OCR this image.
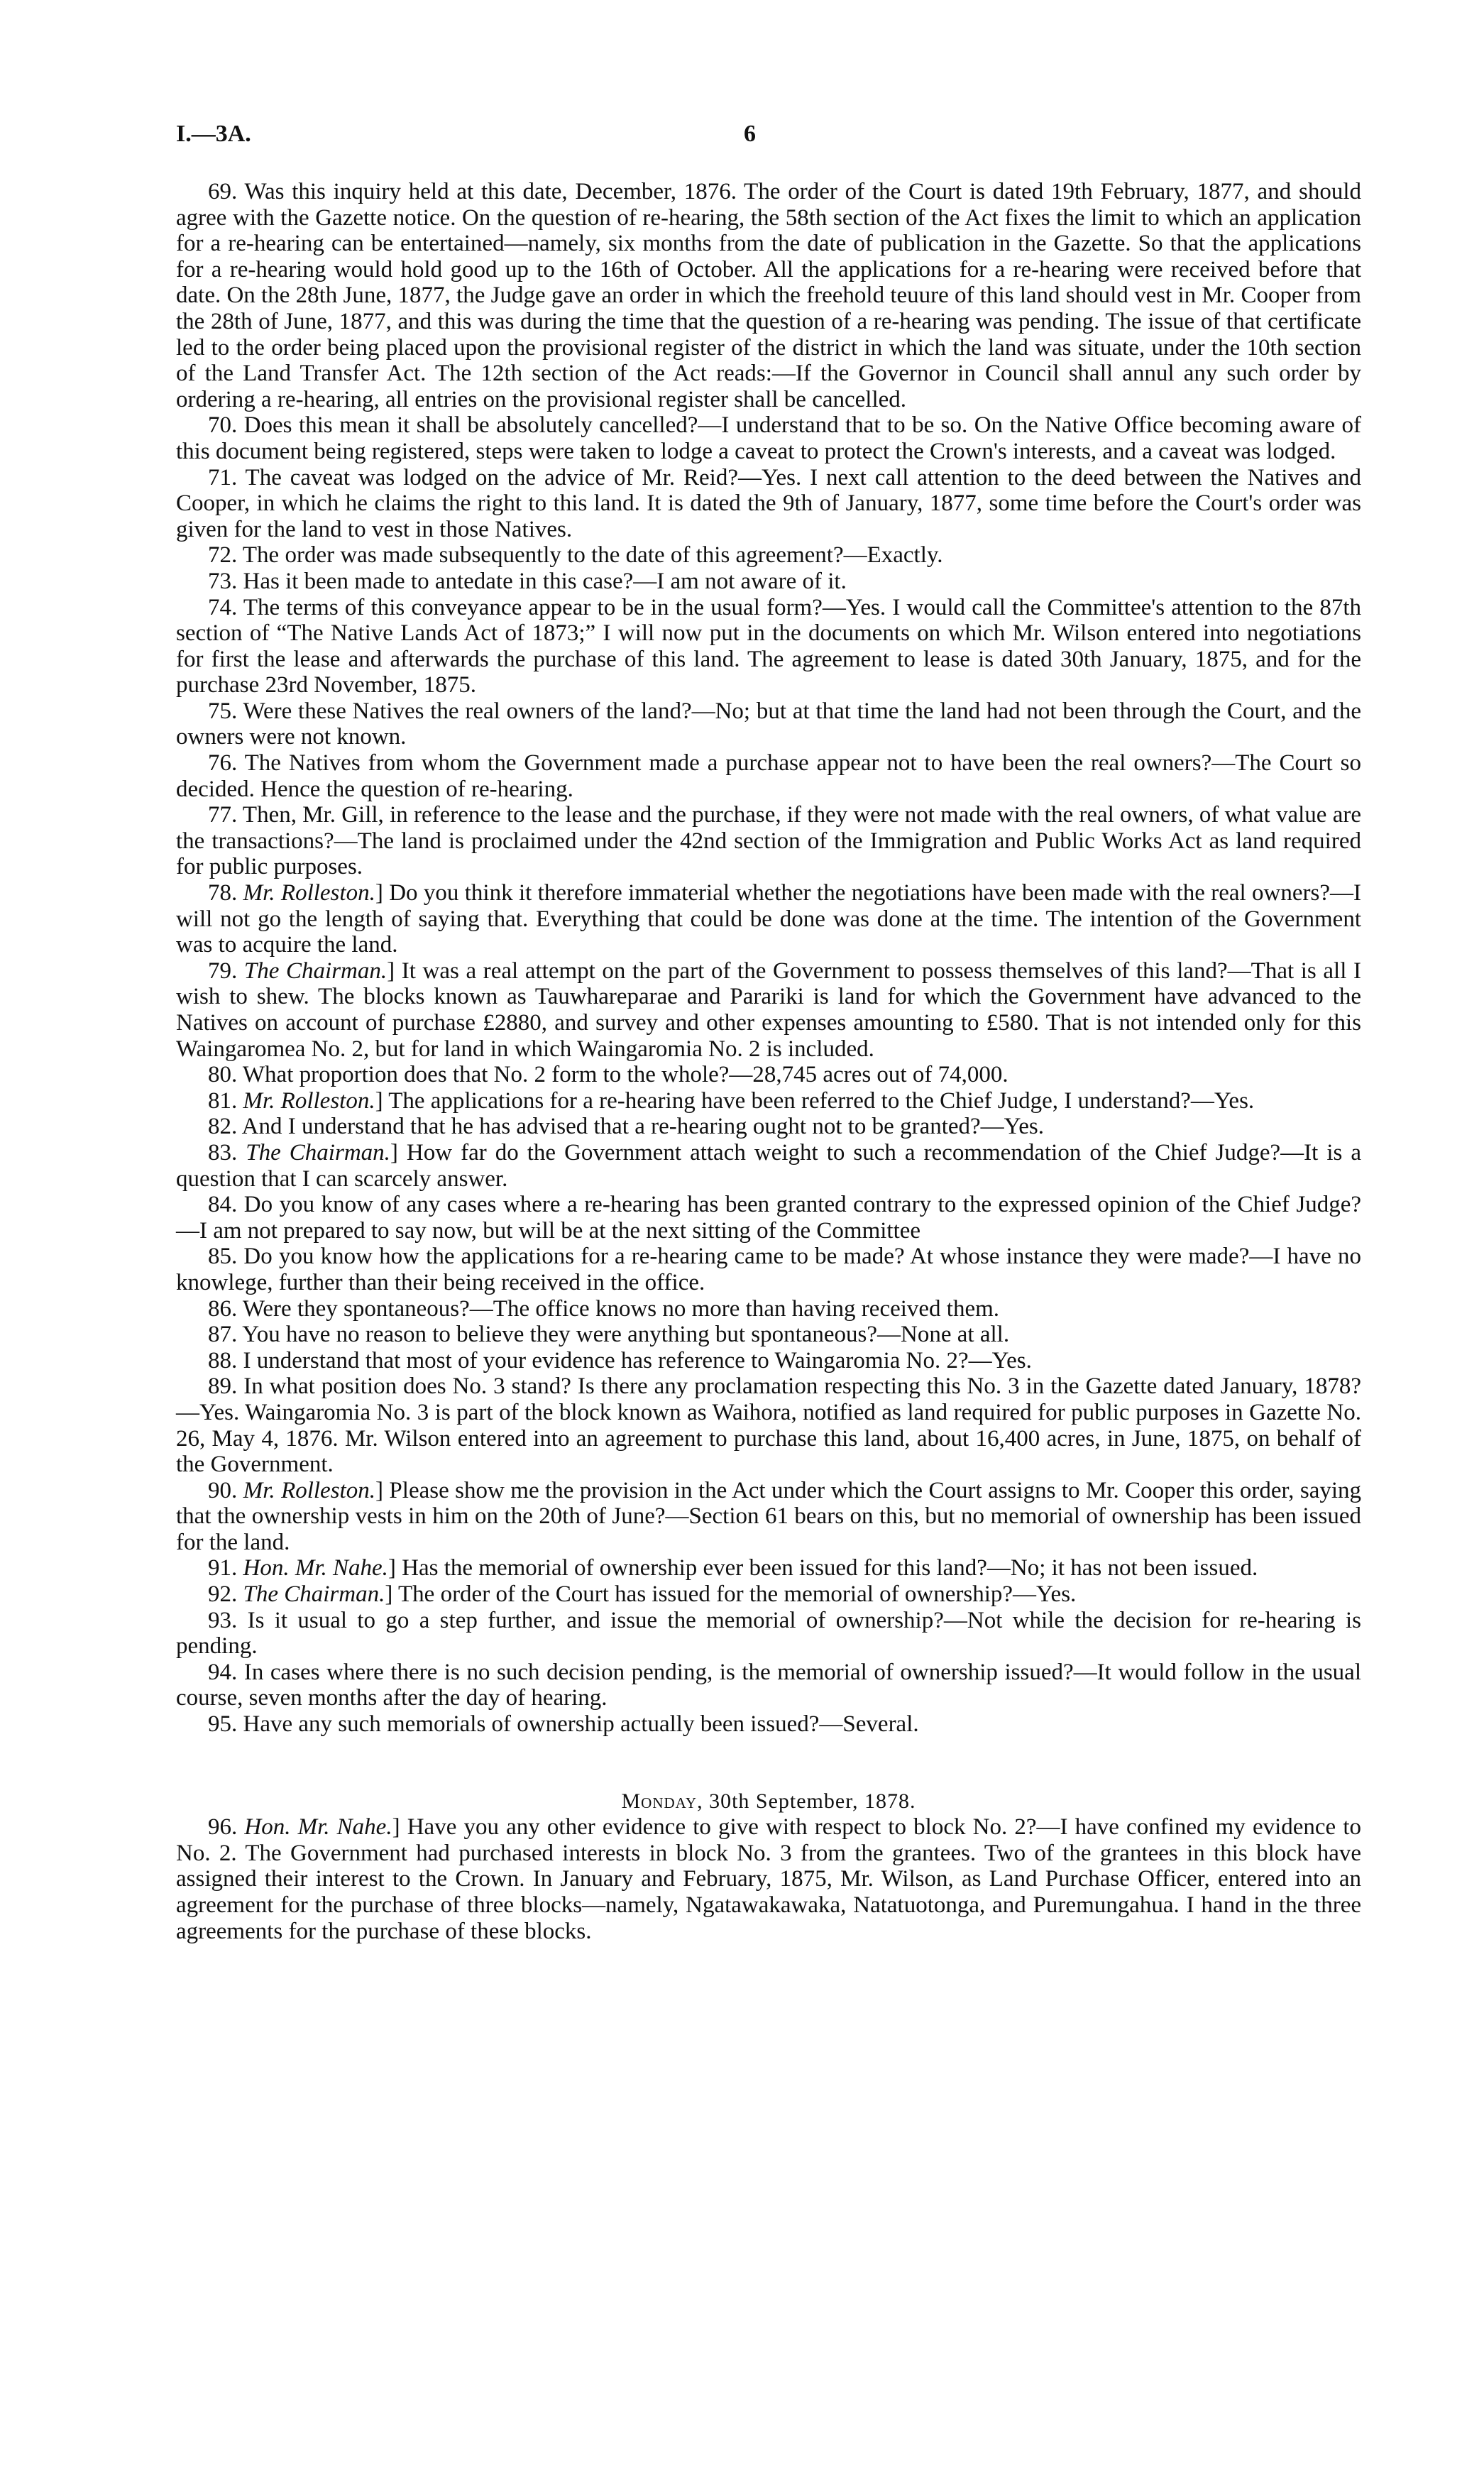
I.—3A.	6

69. Was this inquiry held at this date, December, 1876. The order of the Court is dated 19th February, 1877, and should agree with the Gazette notice. On the question of re-hearing, the 58th section of the Act fixes the limit to which an application for a re-hearing can be entertained—namely, six months from the date of publication in the Gazette. So that the applications for a re-hearing would hold good up to the 16th of October. All the applications for a re-hearing were received before that date. On the 28th June, 1877, the Judge gave an order in which the freehold teuure of this land should vest in Mr. Cooper from the 28th of June, 1877, and this was during the time that the question of a re-hearing was pending. The issue of that certificate led to the order being placed upon the provisional register of the district in which the land was situate, under the 10th section of the Land Transfer Act. The 12th section of the Act reads:—If the Governor in Council shall annul any such order by ordering a re-hearing, all entries on the provisional register shall be cancelled.

70. Does this mean it shall be absolutely cancelled?—I understand that to be so. On the Native Office becoming aware of this document being registered, steps were taken to lodge a caveat to protect the Crown's interests, and a caveat was lodged.

71. The caveat was lodged on the advice of Mr. Reid?—Yes. I next call attention to the deed between the Natives and Cooper, in which he claims the right to this land. It is dated the 9th of January, 1877, some time before the Court's order was given for the land to vest in those Natives.

72. The order was made subsequently to the date of this agreement?—Exactly.

73. Has it been made to antedate in this case?—I am not aware of it.

74. The terms of this conveyance appear to be in the usual form?—Yes. I would call the Committee's attention to the 87th section of “The Native Lands Act of 1873;” I will now put in the documents on which Mr. Wilson entered into negotiations for first the lease and afterwards the purchase of this land. The agreement to lease is dated 30th January, 1875, and for the purchase 23rd November, 1875.

75. Were these Natives the real owners of the land?—No; but at that time the land had not been through the Court, and the owners were not known.

76. The Natives from whom the Government made a purchase appear not to have been the real owners?—The Court so decided. Hence the question of re-hearing.

77. Then, Mr. Gill, in reference to the lease and the purchase, if they were not made with the real owners, of what value are the transactions?—The land is proclaimed under the 42nd section of the Immigration and Public Works Act as land required for public purposes.

78. Mr. Rolleston.] Do you think it therefore immaterial whether the negotiations have been made with the real owners?—I will not go the length of saying that. Everything that could be done was done at the time. The intention of the Government was to acquire the land.

79. The Chairman.] It was a real attempt on the part of the Government to possess themselves of this land?—That is all I wish to shew. The blocks known as Tauwhareparae and Parariki is land for which the Government have advanced to the Natives on account of purchase £2880, and survey and other expenses amounting to £580. That is not intended only for this Waingaromea No. 2, but for land in which Waingaromia No. 2 is included.

80. What proportion does that No. 2 form to the whole?—28,745 acres out of 74,000.

81. Mr. Rolleston.] The applications for a re-hearing have been referred to the Chief Judge, I understand?—Yes.

82. And I understand that he has advised that a re-hearing ought not to be granted?—Yes.

83. The Chairman.] How far do the Government attach weight to such a recommendation of the Chief Judge?—It is a question that I can scarcely answer.

84. Do you know of any cases where a re-hearing has been granted contrary to the expressed opinion of the Chief Judge?—I am not prepared to say now, but will be at the next sitting of the Committee

85. Do you know how the applications for a re-hearing came to be made? At whose instance they were made?—I have no knowlege, further than their being received in the office.

86. Were they spontaneous?—The office knows no more than having received them.

87. You have no reason to believe they were anything but spontaneous?—None at all.

88. I understand that most of your evidence has reference to Waingaromia No. 2?—Yes.

89. In what position does No. 3 stand? Is there any proclamation respecting this No. 3 in the Gazette dated January, 1878?—Yes. Waingaromia No. 3 is part of the block known as Waihora, notified as land required for public purposes in Gazette No. 26, May 4, 1876. Mr. Wilson entered into an agreement to purchase this land, about 16,400 acres, in June, 1875, on behalf of the Government.

90. Mr. Rolleston.] Please show me the provision in the Act under which the Court assigns to Mr. Cooper this order, saying that the ownership vests in him on the 20th of June?—Section 61 bears on this, but no memorial of ownership has been issued for the land.

91. Hon. Mr. Nahe.] Has the memorial of ownership ever been issued for this land?—No; it has not been issued.

92. The Chairman.] The order of the Court has issued for the memorial of ownership?—Yes.

93. Is it usual to go a step further, and issue the memorial of ownership?—Not while the decision for re-hearing is pending.

94. In cases where there is no such decision pending, is the memorial of ownership issued?—It would follow in the usual course, seven months after the day of hearing.

95. Have any such memorials of ownership actually been issued?—Several.

Monday, 30th September, 1878.

96. Hon. Mr. Nahe.] Have you any other evidence to give with respect to block No. 2?—I have confined my evidence to No. 2. The Government had purchased interests in block No. 3 from the grantees. Two of the grantees in this block have assigned their interest to the Crown. In January and February, 1875, Mr. Wilson, as Land Purchase Officer, entered into an agreement for the purchase of three blocks—namely, Ngatawakawaka, Natatuotonga, and Puremungahua. I hand in the three agreements for the purchase of these blocks.
